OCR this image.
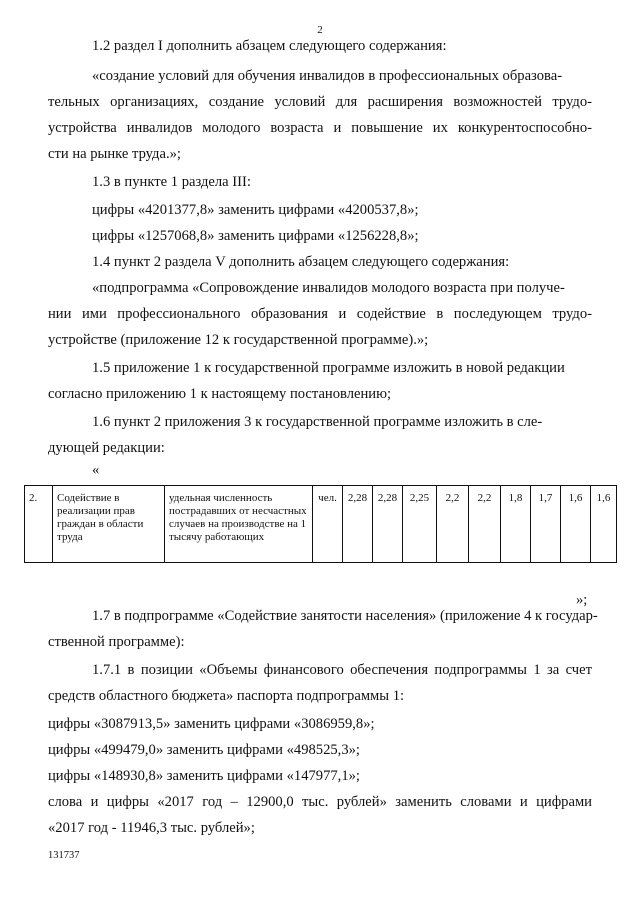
2
1.2 раздел I дополнить абзацем следующего содержания:
«создание условий для обучения инвалидов в профессиональных образова-
тельных организациях, создание условий для расширения возможностей трудо-
устройства инвалидов молодого возраста и повышение их конкурентоспособно-
сти на рынке труда.»;
1.3 в пункте 1 раздела III:
цифры «4201377,8» заменить цифрами «4200537,8»;
цифры «1257068,8» заменить цифрами «1256228,8»;
1.4 пункт 2 раздела V дополнить абзацем следующего содержания:
«подпрограмма «Сопровождение инвалидов молодого возраста при получе-
нии ими профессионального образования и содействие в последующем трудо-
устройстве (приложение 12 к государственной программе).»;
1.5 приложение 1 к государственной программе изложить в новой редакции
согласно приложению 1 к настоящему постановлению;
1.6 пункт 2 приложения 3 к государственной программе изложить в сле-
дующей редакции:
«
2.	Содействие в реализации прав граждан в области труда	удельная численность пострадавших от несчастных случаев на производстве на 1 тысячу работающих	чел.	2,28	2,28	2,25	2,2	2,2	1,8	1,7	1,6	1,6
»;
1.7 в подпрограмме «Содействие занятости населения» (приложение 4 к государ-
ственной программе):
1.7.1 в позиции «Объемы финансового обеспечения подпрограммы 1 за счет
средств областного бюджета» паспорта подпрограммы 1:
цифры «3087913,5» заменить цифрами «3086959,8»;
цифры «499479,0» заменить цифрами «498525,3»;
цифры «148930,8» заменить цифрами «147977,1»;
слова и цифры «2017 год – 12900,0 тыс. рублей» заменить словами и цифрами
«2017 год - 11946,3 тыс. рублей»;
131737
